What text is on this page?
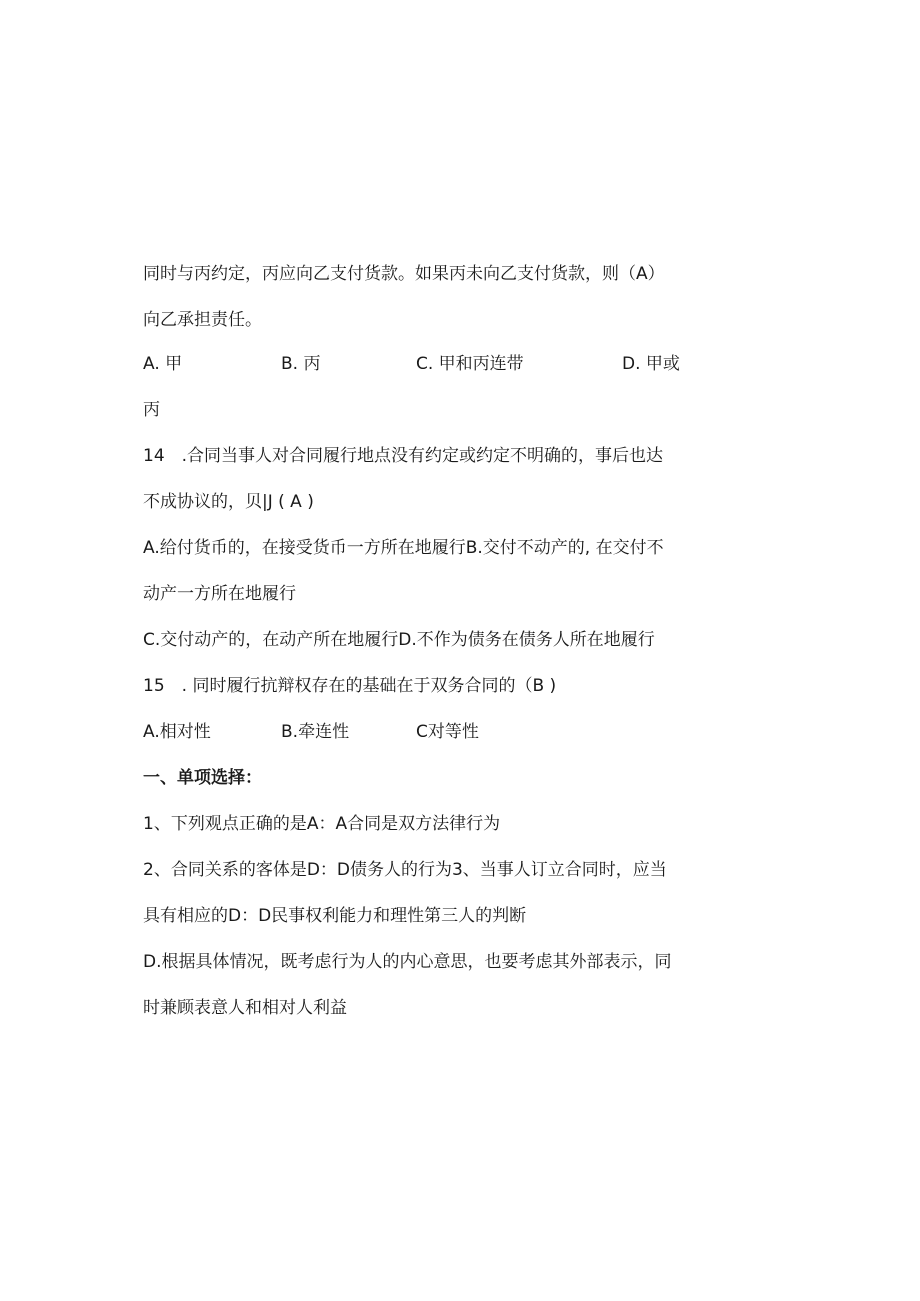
同时与丙约定，丙应向乙支付货款。如果丙未向乙支付货款，则（A）

向乙承担责任。

A. 甲	B. 丙	C. 甲和丙连带	D. 甲或

丙

14 .合同当事人对合同履行地点没有约定或约定不明确的，事后也达

不成协议的，贝|J ( A )

A.给付货币的，在接受货币一方所在地履行B.交付不动产的, 在交付不

动产一方所在地履行

C.交付动产的，在动产所在地履行D.不作为债务在债务人所在地履行

15 . 同时履行抗辩权存在的基础在于双务合同的（B )

A.相对性	B.牵连性	C对等性

一、单项选择：

1、下列观点正确的是A：A合同是双方法律行为

2、合同关系的客体是D：D债务人的行为3、当事人订立合同时，应当

具有相应的D：D民事权利能力和理性第三人的判断

D.根据具体情况，既考虑行为人的内心意思，也要考虑其外部表示，同

时兼顾表意人和相对人利益
